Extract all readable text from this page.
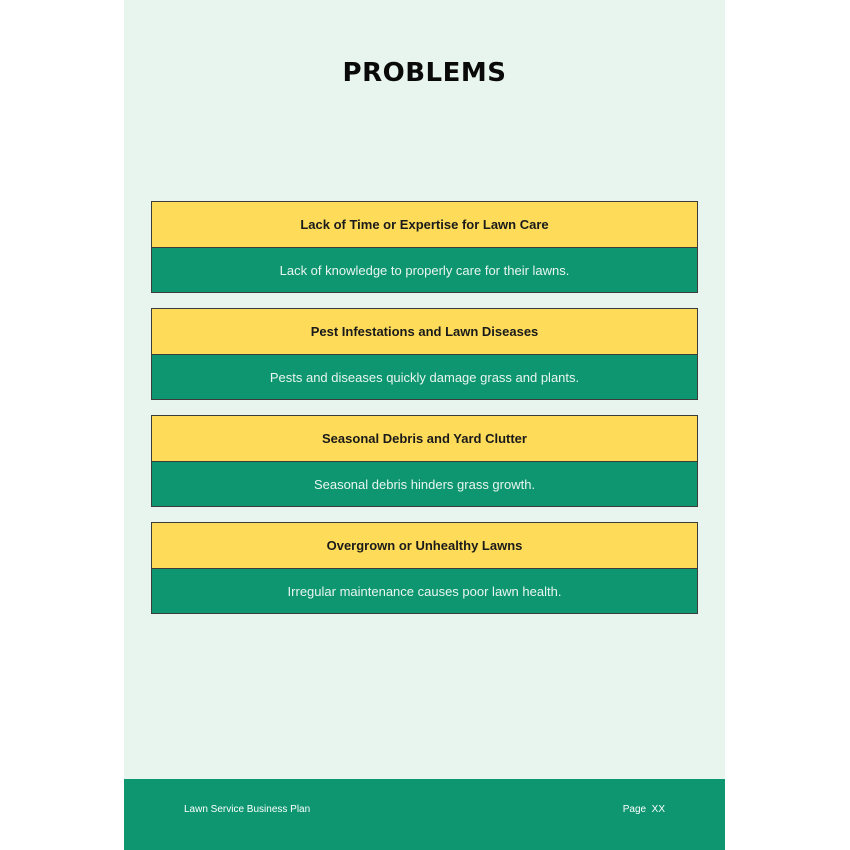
PROBLEMS
Lack of Time or Expertise for Lawn Care
Lack of knowledge to properly care for their lawns.
Pest Infestations and Lawn Diseases
Pests and diseases quickly damage grass and plants.
Seasonal Debris and Yard Clutter
Seasonal debris hinders grass growth.
Overgrown or Unhealthy Lawns
Irregular maintenance causes poor lawn health.
Lawn Service Business Plan	Page  XX
